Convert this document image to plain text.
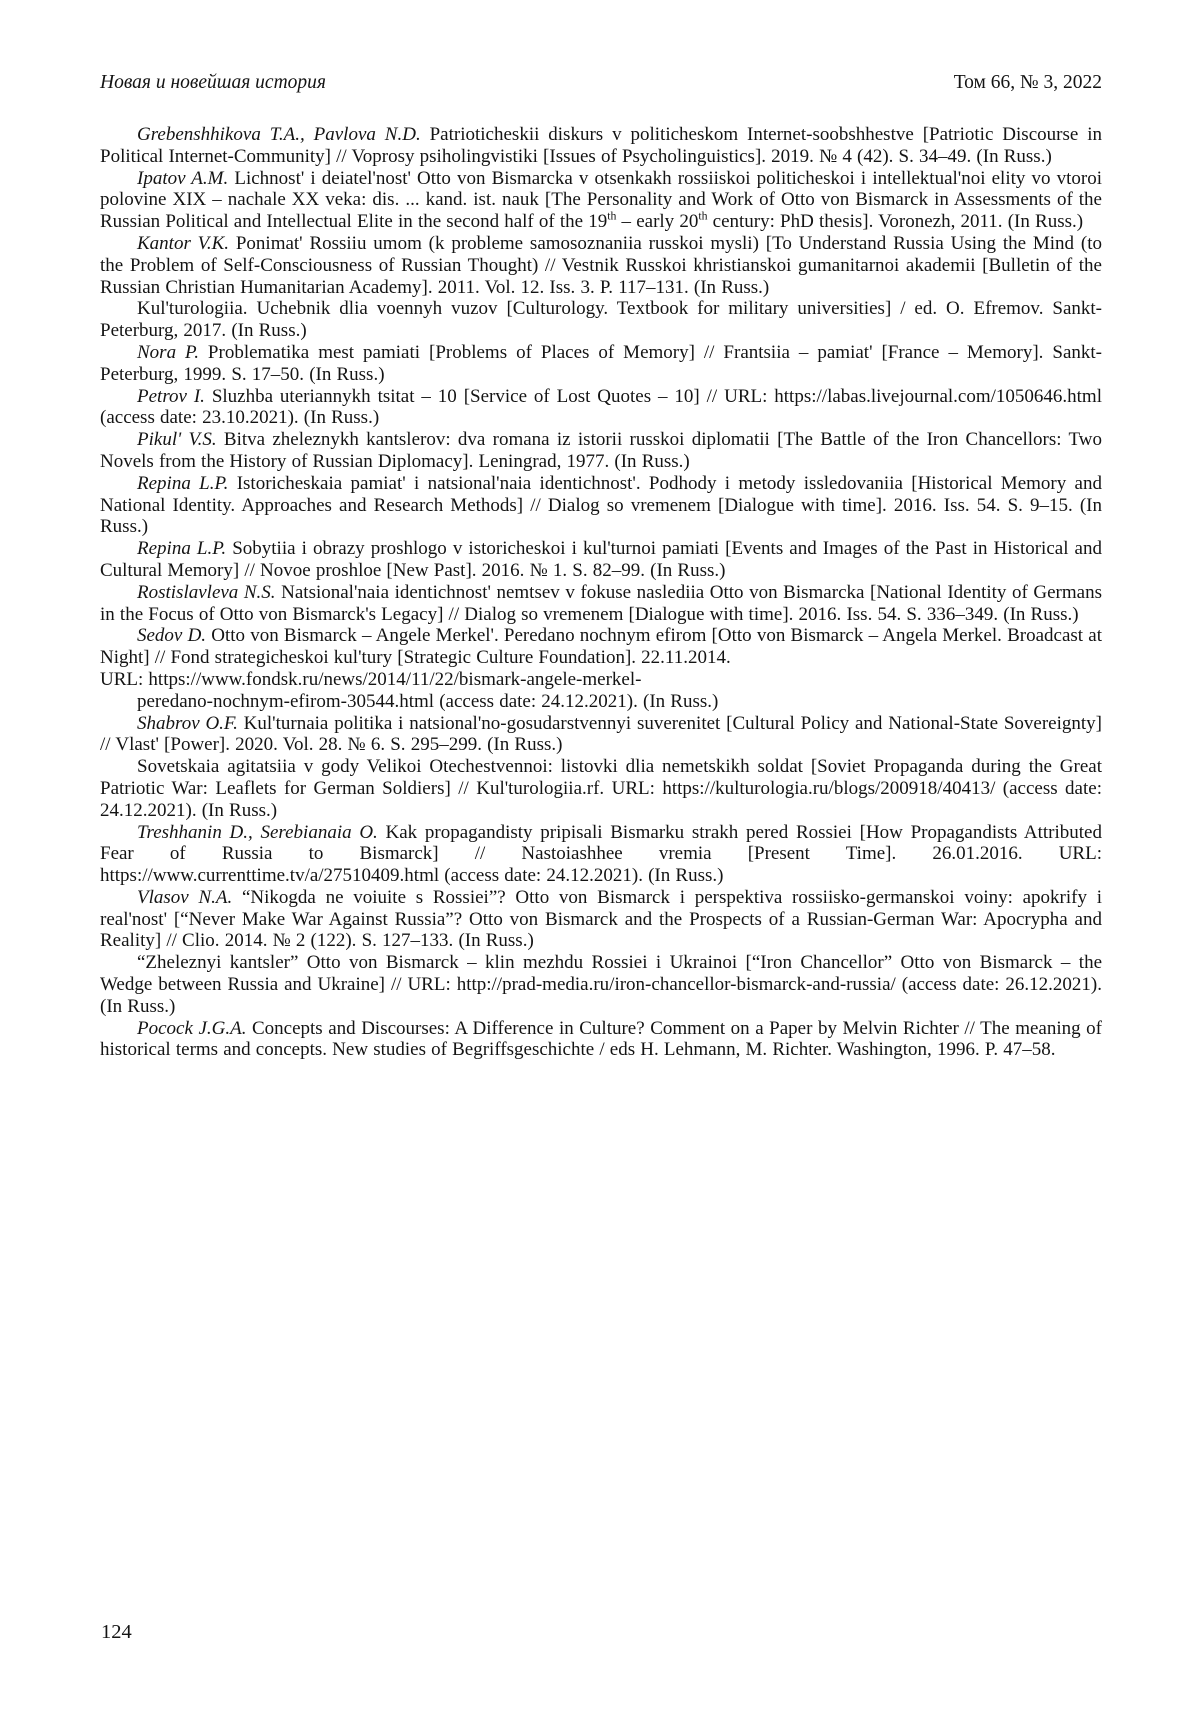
Новая и новейшая история	Том 66, № 3, 2022

Grebenshhikova T.A., Pavlova N.D. Patrioticheskii diskurs v politicheskom Internet-soobshhestve [Patriotic Discourse in Political Internet-Community] // Voprosy psiholingvistiki [Issues of Psycholinguistics]. 2019. № 4 (42). S. 34–49. (In Russ.)

Ipatov A.M. Lichnost' i deiatel'nost' Otto von Bismarcka v otsenkakh rossiiskoi politicheskoi i intellektual'noi elity vo vtoroi polovine XIX – nachale XX veka: dis. ... kand. ist. nauk [The Personality and Work of Otto von Bismarck in Assessments of the Russian Political and Intellectual Elite in the second half of the 19th – early 20th century: PhD thesis]. Voronezh, 2011. (In Russ.)

Kantor V.K. Ponimat' Rossiiu umom (k probleme samosoznaniia russkoi mysli) [To Understand Russia Using the Mind (to the Problem of Self-Consciousness of Russian Thought) // Vestnik Russkoi khristianskoi gumanitarnoi akademii [Bulletin of the Russian Christian Humanitarian Academy]. 2011. Vol. 12. Iss. 3. P. 117–131. (In Russ.)

Kul'turologiia. Uchebnik dlia voennyh vuzov [Culturology. Textbook for military universities] / ed. O. Efremov. Sankt-Peterburg, 2017. (In Russ.)

Nora P. Problematika mest pamiati [Problems of Places of Memory] // Frantsiia – pamiat' [France – Memory]. Sankt-Peterburg, 1999. S. 17–50. (In Russ.)

Petrov I. Sluzhba uteriannykh tsitat – 10 [Service of Lost Quotes – 10] // URL: https://labas.livejournal.com/1050646.html (access date: 23.10.2021). (In Russ.)

Pikul' V.S. Bitva zheleznykh kantslerov: dva romana iz istorii russkoi diplomatii [The Battle of the Iron Chancellors: Two Novels from the History of Russian Diplomacy]. Leningrad, 1977. (In Russ.)

Repina L.P. Istoricheskaia pamiat' i natsional'naia identichnost'. Podhody i metody issledovaniia [Historical Memory and National Identity. Approaches and Research Methods] // Dialog so vremenem [Dialogue with time]. 2016. Iss. 54. S. 9–15. (In Russ.)

Repina L.P. Sobytiia i obrazy proshlogo v istoricheskoi i kul'turnoi pamiati [Events and Images of the Past in Historical and Cultural Memory] // Novoe proshloe [New Past]. 2016. № 1. S. 82–99. (In Russ.)

Rostislavleva N.S. Natsional'naia identichnost' nemtsev v fokuse naslediia Otto von Bismarcka [National Identity of Germans in the Focus of Otto von Bismarck's Legacy] // Dialog so vremenem [Dialogue with time]. 2016. Iss. 54. S. 336–349. (In Russ.)

Sedov D. Otto von Bismarck – Angele Merkel'. Peredano nochnym efirom [Otto von Bismarck – Angela Merkel. Broadcast at Night] // Fond strategicheskoi kul'tury [Strategic Culture Foundation]. 22.11.2014.
URL: https://www.fondsk.ru/news/2014/11/22/bismark-angele-merkel-
peredano-nochnym-efirom-30544.html (access date: 24.12.2021). (In Russ.)

Shabrov O.F. Kul'turnaia politika i natsional'no-gosudarstvennyi suverenitet [Cultural Policy and National-State Sovereignty] // Vlast' [Power]. 2020. Vol. 28. № 6. S. 295–299. (In Russ.)

Sovetskaia agitatsiia v gody Velikoi Otechestvennoi: listovki dlia nemetskikh soldat [Soviet Propaganda during the Great Patriotic War: Leaflets for German Soldiers] // Kul'turologiia.rf. URL: https://kulturologia.ru/blogs/200918/40413/ (access date: 24.12.2021). (In Russ.)

Treshhanin D., Serebianaia O. Kak propagandisty pripisali Bismarku strakh pered Rossiei [How Propagandists Attributed Fear of Russia to Bismarck] // Nastoiashhee vremia [Present Time]. 26.01.2016. URL: https://www.currenttime.tv/a/27510409.html (access date: 24.12.2021). (In Russ.)

Vlasov N.A. “Nikogda ne voiuite s Rossiei”? Otto von Bismarck i perspektiva rossiisko-germanskoi voiny: apokrify i real'nost' [“Never Make War Against Russia”? Otto von Bismarck and the Prospects of a Russian-German War: Apocrypha and Reality] // Clio. 2014. № 2 (122). S. 127–133. (In Russ.)

“Zheleznyi kantsler” Otto von Bismarck – klin mezhdu Rossiei i Ukrainoi [“Iron Chancellor” Otto von Bismarck – the Wedge between Russia and Ukraine] // URL: http://prad-media.ru/iron-chancellor-bismarck-and-russia/ (access date: 26.12.2021). (In Russ.)

Pocock J.G.A. Concepts and Discourses: A Difference in Culture? Comment on a Paper by Melvin Richter // The meaning of historical terms and concepts. New studies of Begriffsgeschichte / eds H. Lehmann, M. Richter. Washington, 1996. P. 47–58.

124
